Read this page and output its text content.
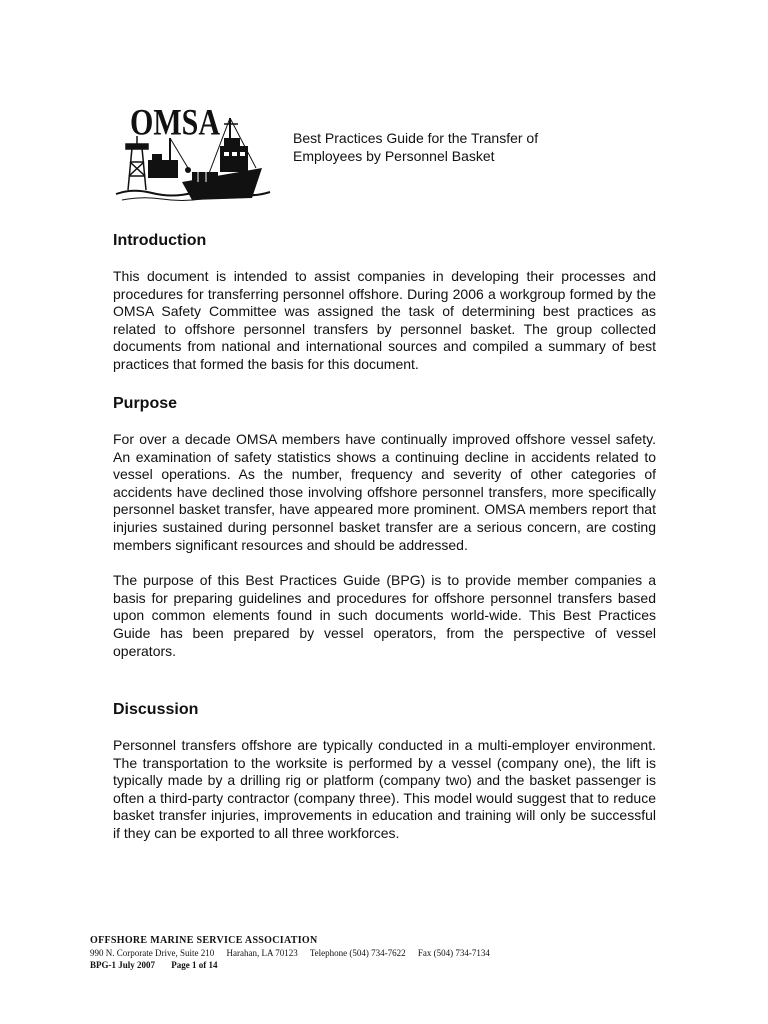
OMSA	Best Practices Guide for the Transfer of
Employees by Personnel Basket
Introduction

This document is intended to assist companies in developing their processes and procedures for transferring personnel offshore. During 2006 a workgroup formed by the OMSA Safety Committee was assigned the task of determining best practices as related to offshore personnel transfers by personnel basket. The group collected documents from national and international sources and compiled a summary of best practices that formed the basis for this document.

Purpose

For over a decade OMSA members have continually improved offshore vessel safety. An examination of safety statistics shows a continuing decline in accidents related to vessel operations. As the number, frequency and severity of other categories of accidents have declined those involving offshore personnel transfers, more specifically personnel basket transfer, have appeared more prominent. OMSA members report that injuries sustained during personnel basket transfer are a serious concern, are costing members significant resources and should be addressed.

The purpose of this Best Practices Guide (BPG) is to provide member companies a basis for preparing guidelines and procedures for offshore personnel transfers based upon common elements found in such documents world-wide. This Best Practices Guide has been prepared by vessel operators, from the perspective of vessel operators.

Discussion

Personnel transfers offshore are typically conducted in a multi-employer environment. The transportation to the worksite is performed by a vessel (company one), the lift is typically made by a drilling rig or platform (company two) and the basket passenger is often a third-party contractor (company three). This model would suggest that to reduce basket transfer injuries, improvements in education and training will only be successful if they can be exported to all three workforces.

OFFSHORE MARINE SERVICE ASSOCIATION
990 N. Corporate Drive, Suite 210 Harahan, LA 70123 Telephone (504) 734-7622 Fax (504) 734-7134
BPG-1 July 2007 Page 1 of 14
